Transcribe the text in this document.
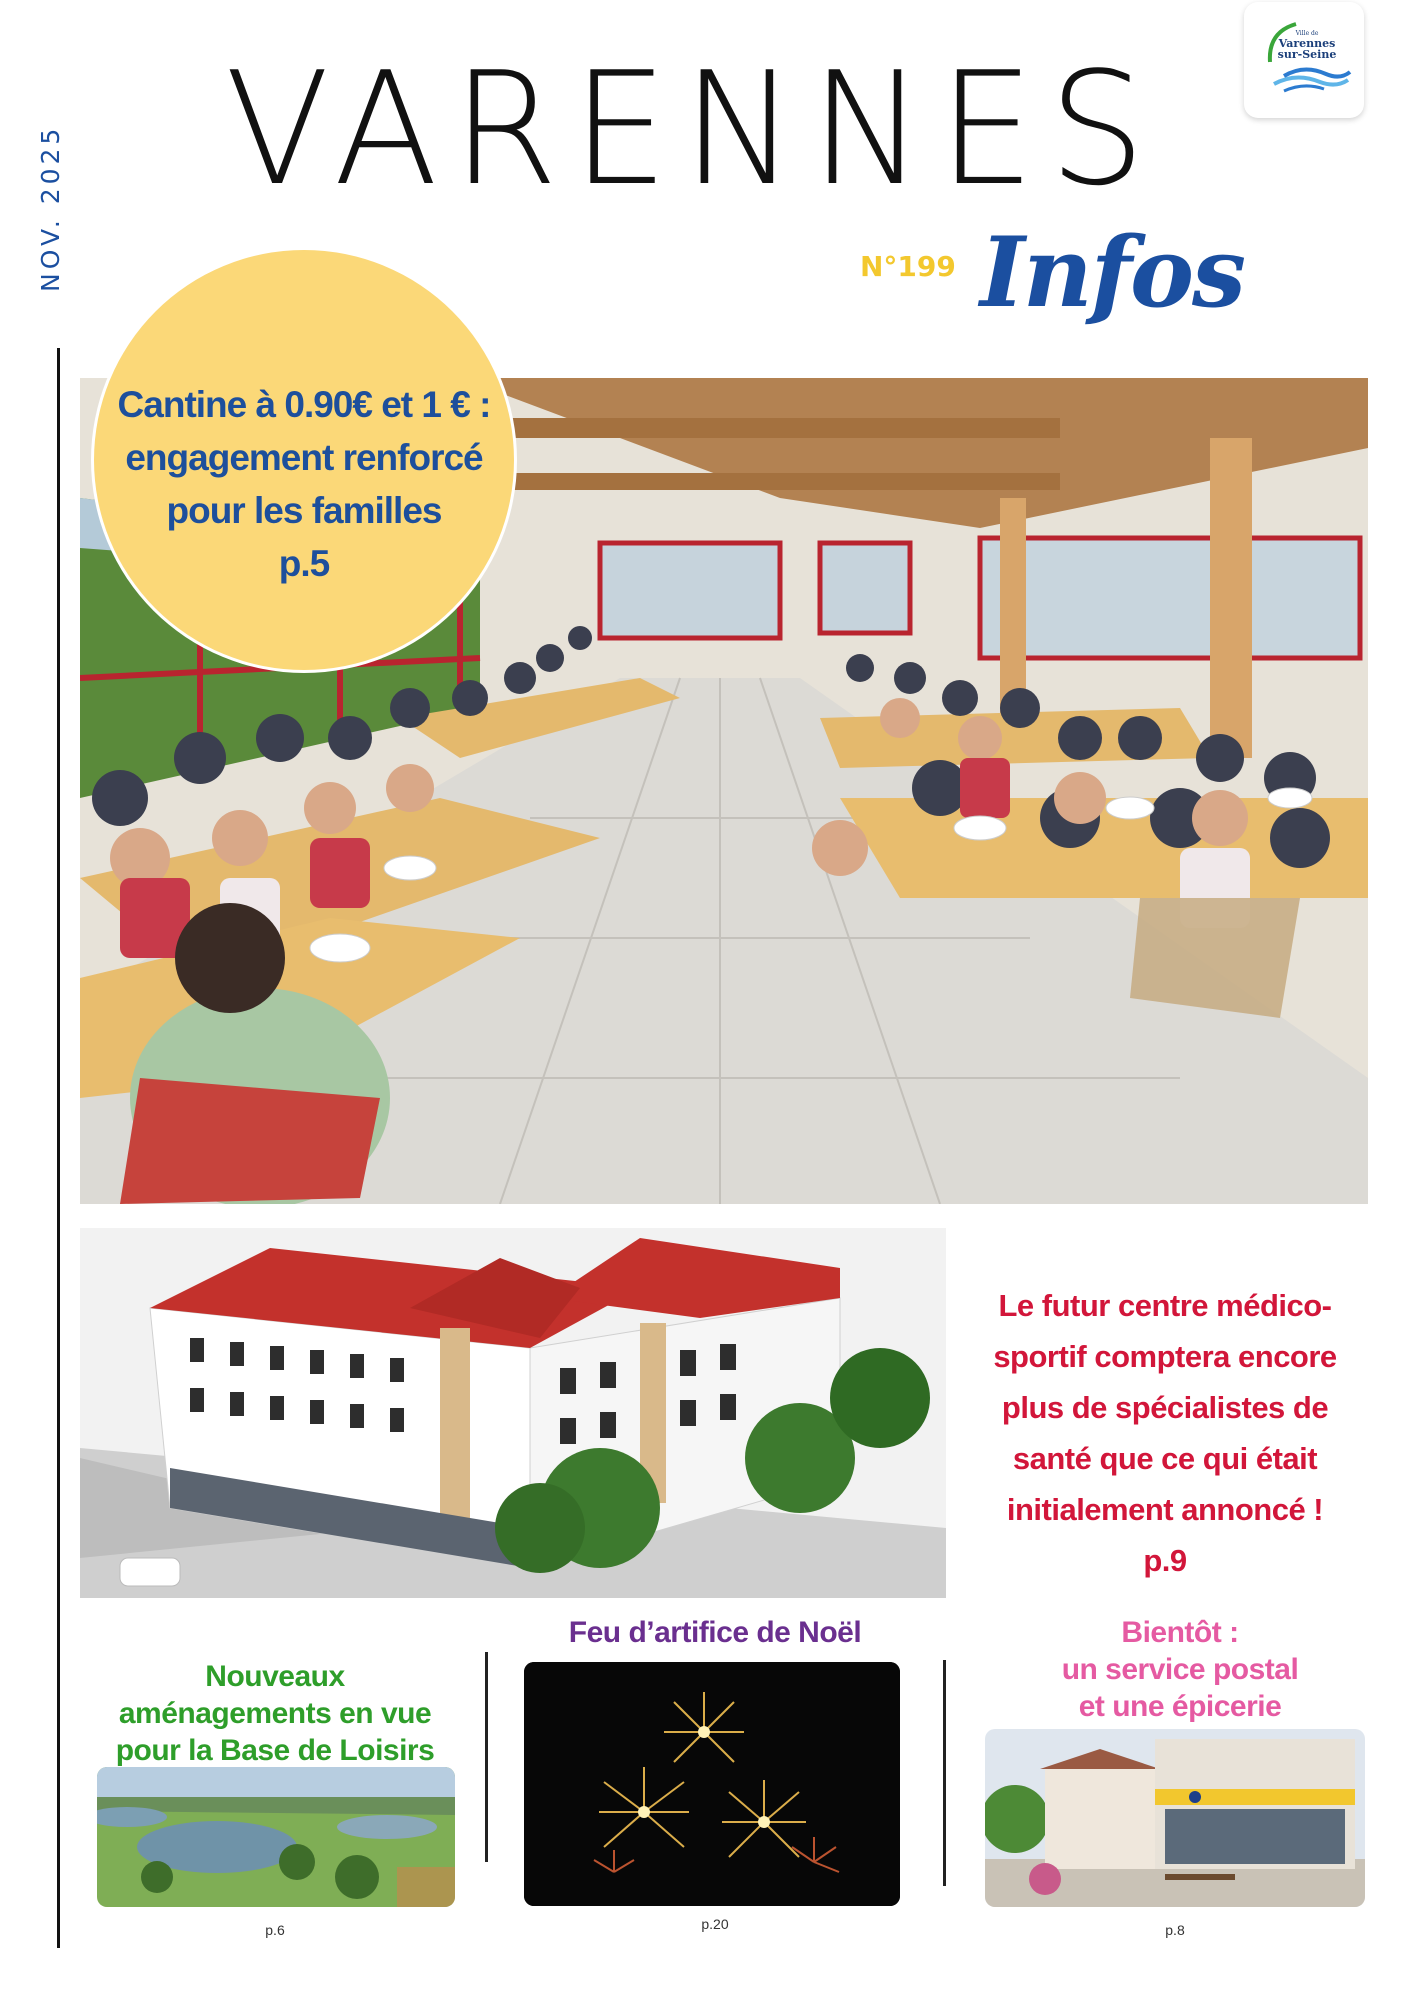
VARENNES
NOV. 2025	N°199 Infos
Ville de
Varennes
sur-Seine
Cantine à 0.90€ et 1 € :
engagement renforcé
pour les familles
p.5
Le futur centre médico-
sportif comptera encore
plus de spécialistes de
santé que ce qui était
initialement annoncé !
p.9
Nouveaux
aménagements en vue
pour la Base de Loisirs
p.6
Feu d’artifice de Noël
p.20
Bientôt :
un service postal
et une épicerie
p.8
